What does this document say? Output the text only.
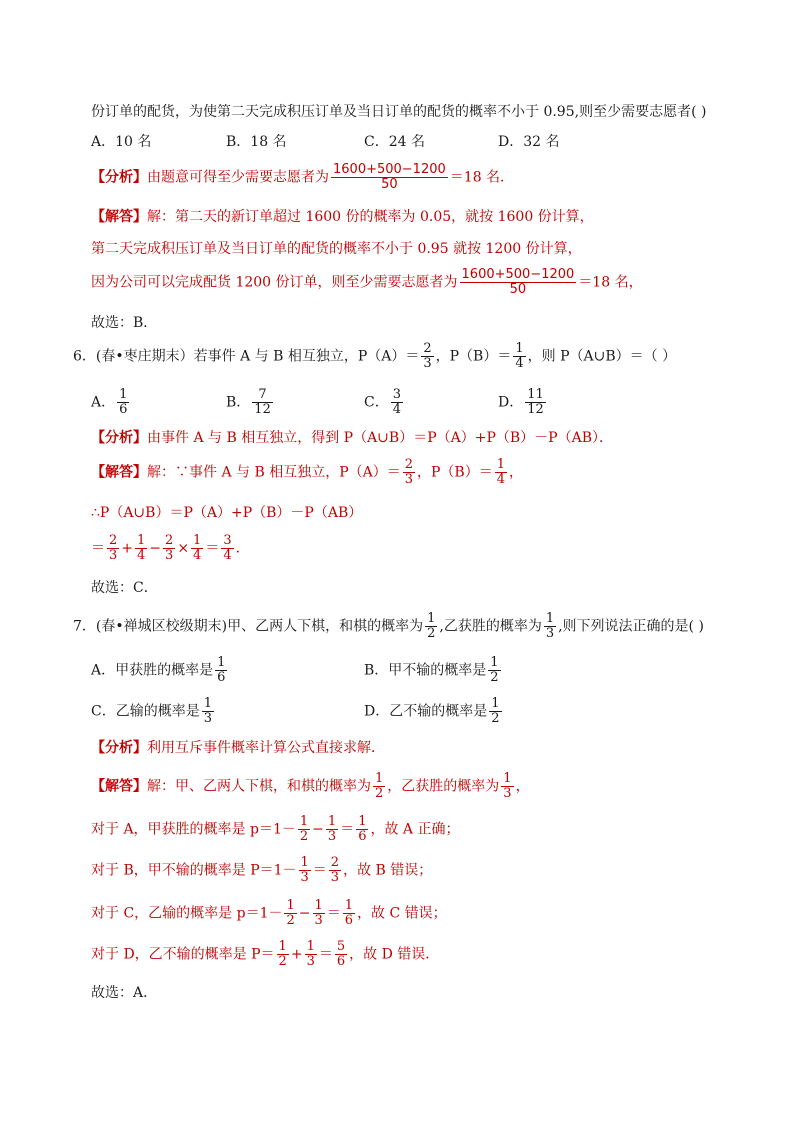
份订单的配货，为使第二天完成积压订单及当日订单的配货的概率不小于 0.95,则至少需要志愿者( )
A．10 名	B．18 名	C．24 名	D．32 名
【分析】由题意可得至少需要志愿者为 $\frac{1600+500-1200}{50} =18$ 名．
【解答】解：第二天的新订单超过 1600 份的概率为 0.05，就按 1600 份计算，
第二天完成积压订单及当日订单的配货的概率不小于 0.95 就按 1200 份计算，
因为公司可以完成配货 1200 份订单，则至少需要志愿者为 $\frac{1600+500-1200}{50} =18$ 名，
故选：B．
6．(春•枣庄期末）若事件 A 与 B 相互独立，$P(A)= \frac{2}{3}$ ，$P(B)= \frac{1}{4}$ ，则 P（A∪B）＝（ ）
A． $\frac{1}{6}$	B． $\frac{7}{12}$	C． $\frac{3}{4}$	D． $\frac{11}{12}$
【分析】由事件 A 与 B 相互独立，得到 P（A∪B）＝P（A）+P（B）－P（AB）．
【解答】解：∵事件 A 与 B 相互独立，$P(A)= \frac{2}{3}$ ，$P(B)= \frac{1}{4}$ ，
∴P（A∪B）＝P（A）+P（B）－P（AB）
＝ $\frac{2}{3} + \frac{1}{4} - \frac{2}{3} \times \frac{1}{4} = \frac{3}{4}$ ．
故选：C．
7．(春•禅城区校级期末)甲、乙两人下棋，和棋的概率为 $\frac{1}{2}$ ,乙获胜的概率为 $\frac{1}{3}$ ,则下列说法正确的是( )
A．甲获胜的概率是 $\frac{1}{6}$	B．甲不输的概率是 $\frac{1}{2}$
C．乙输的概率是 $\frac{1}{3}$	D．乙不输的概率是 $\frac{1}{2}$
【分析】利用互斥事件概率计算公式直接求解．
【解答】解：甲、乙两人下棋，和棋的概率为 $\frac{1}{2}$ ，乙获胜的概率为 $\frac{1}{3}$ ，
对于 A，甲获胜的概率是 $p=1- \frac{1}{2} - \frac{1}{3} = \frac{1}{6}$ ，故 A 正确；
对于 B，甲不输的概率是 $P=1- \frac{1}{3} = \frac{2}{3}$ ，故 B 错误；
对于 C，乙输的概率是 $p=1- \frac{1}{2} - \frac{1}{3} = \frac{1}{6}$ ，故 C 错误；
对于 D，乙不输的概率是 $P= \frac{1}{2} + \frac{1}{3} = \frac{5}{6}$ ，故 D 错误．
故选：A．
